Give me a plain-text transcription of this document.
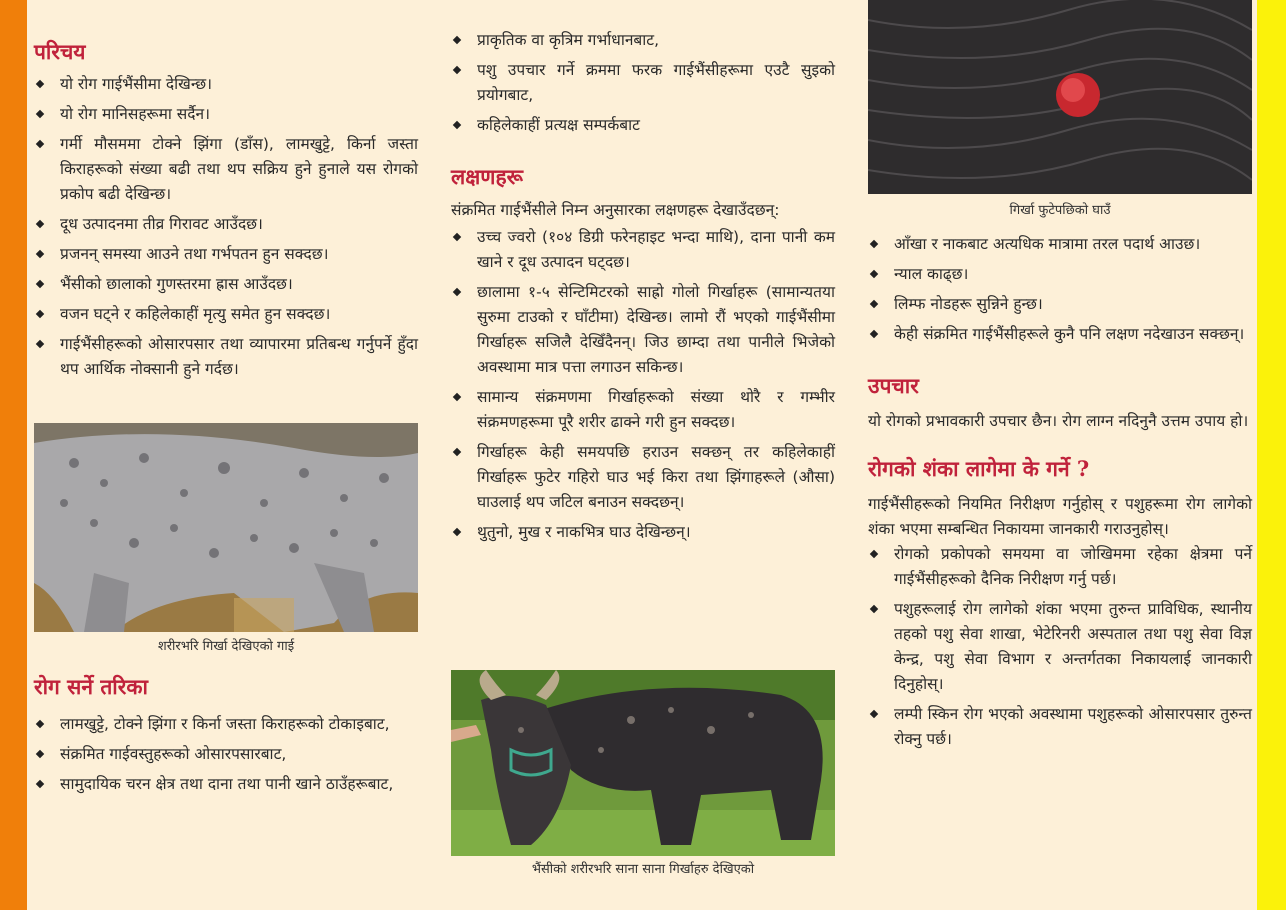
परिचय
यो रोग गाईभैंसीमा देखिन्छ।
यो रोग मानिसहरूमा सर्दैन।
गर्मी मौसममा टोक्ने झिंगा (डाँस), लामखुट्टे, किर्ना जस्ता किराहरूको संख्या बढी तथा थप सक्रिय हुने हुनाले यस रोगको प्रकोप बढी देखिन्छ।
दूध उत्पादनमा तीव्र गिरावट आउँदछ।
प्रजनन् समस्या आउने तथा गर्भपतन हुन सक्दछ।
भैंसीको छालाको गुणस्तरमा ह्रास आउँदछ।
वजन घट्ने र कहिलेकाहीं मृत्यु समेत हुन सक्दछ।
गाईभैंसीहरूको ओसारपसार तथा व्यापारमा प्रतिबन्ध गर्नुपर्ने हुँदा थप आर्थिक नोक्सानी हुने गर्दछ।
शरीरभरि गिर्खा देखिएको गाई
रोग सर्ने तरिका
लामखुट्टे, टोक्ने झिंगा र किर्ना जस्ता किराहरूको टोकाइबाट,
संक्रमित गाईवस्तुहरूको ओसारपसारबाट,
सामुदायिक चरन क्षेत्र तथा दाना तथा पानी खाने ठाउँहरूबाट,
प्राकृतिक वा कृत्रिम गर्भाधानबाट,
पशु उपचार गर्ने क्रममा फरक गाईभैंसीहरूमा एउटै सुइको प्रयोगबाट,
कहिलेकाहीं प्रत्यक्ष सम्पर्कबाट
लक्षणहरू

संक्रमित गाईभैंसीले निम्न अनुसारका लक्षणहरू देखाउँदछन्:

उच्च ज्वरो (१०४ डिग्री फरेनहाइट भन्दा माथि), दाना पानी कम खाने र दूध उत्पादन घट्दछ।
छालामा १-५ सेन्टिमिटरको साह्रो गोलो गिर्खाहरू (सामान्यतया सुरुमा टाउको र घाँटीमा) देखिन्छ। लामो रौं भएको गाईभैंसीमा गिर्खाहरू सजिलै देखिँदैनन्। जिउ छाम्दा तथा पानीले भिजेको अवस्थामा मात्र पत्ता लगाउन सकिन्छ।
सामान्य संक्रमणमा गिर्खाहरूको संख्या थोरै र गम्भीर संक्रमणहरूमा पूरै शरीर ढाक्ने गरी हुन सक्दछ।
गिर्खाहरू केही समयपछि हराउन सक्छन् तर कहिलेकाहीं गिर्खाहरू फुटेर गहिरो घाउ भई किरा तथा झिंगाहरूले (औसा) घाउलाई थप जटिल बनाउन सक्दछन्।
थुतुनो, मुख र नाकभित्र घाउ देखिन्छन्।
भैंसीको शरीरभरि साना साना गिर्खाहरु देखिएको
गिर्खा फुटेपछिको घाउँ
आँखा र नाकबाट अत्यधिक मात्रामा तरल पदार्थ आउछ।
न्याल काढ्छ।
लिम्फ नोडहरू सुन्निने हुन्छ।
केही संक्रमित गाईभैंसीहरूले कुनै पनि लक्षण नदेखाउन सक्छन्।
उपचार

यो रोगको प्रभावकारी उपचार छैन। रोग लाग्न नदिनुनै उत्तम उपाय हो।

रोगको शंका लागेमा के गर्ने ?

गाईभैंसीहरूको नियमित निरीक्षण गर्नुहोस् र पशुहरूमा रोग लागेको शंका भएमा सम्बन्धित निकायमा जानकारी गराउनुहोस्।

रोगको प्रकोपको समयमा वा जोखिममा रहेका क्षेत्रमा पर्ने गाईभैंसीहरूको दैनिक निरीक्षण गर्नु पर्छ।
पशुहरूलाई रोग लागेको शंका भएमा तुरुन्त प्राविधिक, स्थानीय तहको पशु सेवा शाखा, भेटेरिनरी अस्पताल तथा पशु सेवा विज्ञ केन्द्र, पशु सेवा विभाग र अन्तर्गतका निकायलाई जानकारी दिनुहोस्।
लम्पी स्किन रोग भएको अवस्थामा पशुहरूको ओसारपसार तुरुन्त रोक्नु पर्छ।
